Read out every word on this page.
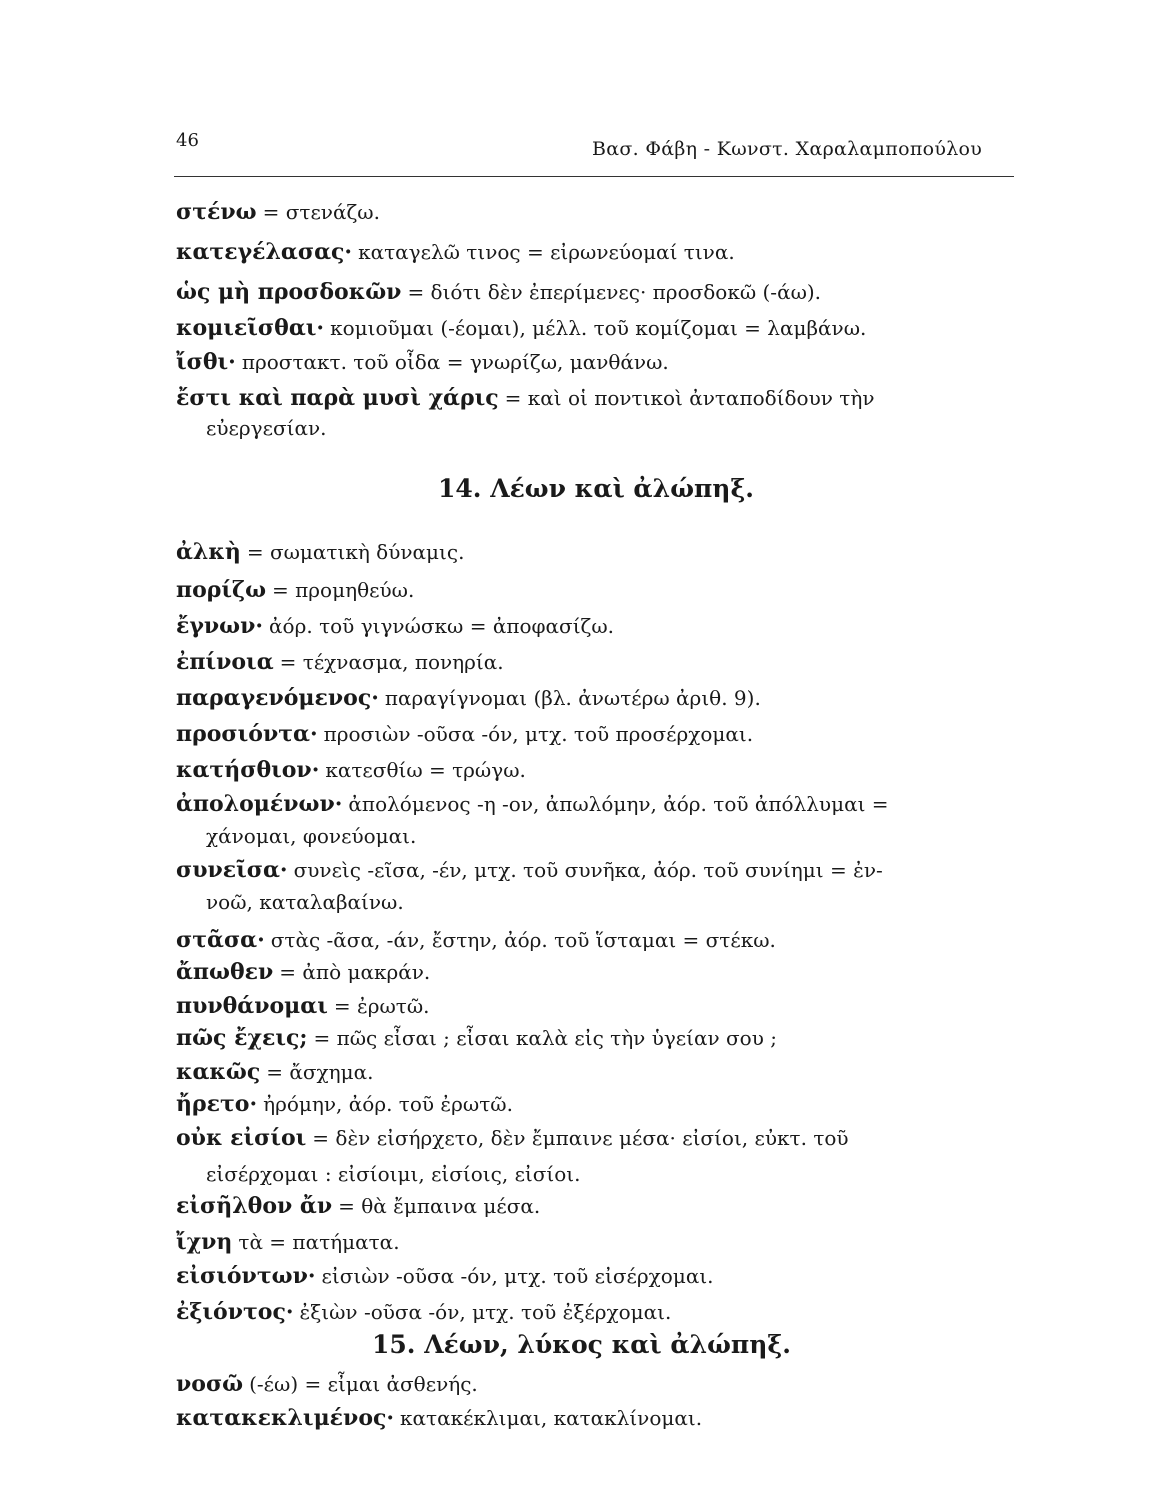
46	Βασ. Φάβη - Κωνστ. Χαραλαμποπούλου
στένω = στενάζω.
κατεγέλασας· καταγελῶ τινος = εἰρωνεύομαί τινα.
ὡς μὴ προσδοκῶν = διότι δὲν ἐπερίμενες· προσδοκῶ (-άω).
κομιεῖσθαι· κομιοῦμαι (-έομαι), μέλλ. τοῦ κομίζομαι = λαμβάνω.
ἴσθι· προστακτ. τοῦ οἶδα = γνωρίζω, μανθάνω.
ἔστι καὶ παρὰ μυσὶ χάρις = καὶ οἱ ποντικοὶ ἀνταποδίδουν τὴν
εὐεργεσίαν.
14. Λέων καὶ ἀλώπηξ.
ἀλκὴ = σωματικὴ δύναμις.
πορίζω = προμηθεύω.
ἔγνων· ἀόρ. τοῦ γιγνώσκω = ἀποφασίζω.
ἐπίνοια = τέχνασμα, πονηρία.
παραγενόμενος· παραγίγνομαι (βλ. ἀνωτέρω ἀριθ. 9).
προσιόντα· προσιὼν -οῦσα -όν, μτχ. τοῦ προσέρχομαι.
κατήσθιον· κατεσθίω = τρώγω.
ἀπολομένων· ἀπολόμενος -η -ον, ἀπωλόμην, ἀόρ. τοῦ ἀπόλλυμαι =
χάνομαι, φονεύομαι.
συνεῖσα· συνεὶς -εῖσα, -έν, μτχ. τοῦ συνῆκα, ἀόρ. τοῦ συνίημι = ἐν-
νοῶ, καταλαβαίνω.
στᾶσα· στὰς -ᾶσα, -άν, ἔστην, ἀόρ. τοῦ ἵσταμαι = στέκω.
ἄπωθεν = ἀπὸ μακράν.
πυνθάνομαι = ἐρωτῶ.
πῶς ἔχεις; = πῶς εἶσαι ; εἶσαι καλὰ εἰς τὴν ὑγείαν σου ;
κακῶς = ἄσχημα.
ἤρετο· ἠρόμην, ἀόρ. τοῦ ἐρωτῶ.
οὐκ εἰσίοι = δὲν εἰσήρχετο, δὲν ἔμπαινε μέσα· εἰσίοι, εὐκτ. τοῦ
εἰσέρχομαι : εἰσίοιμι, εἰσίοις, εἰσίοι.
εἰσῆλθον ἄν = θὰ ἔμπαινα μέσα.
ἴχνη τὰ = πατήματα.
εἰσιόντων· εἰσιὼν -οῦσα -όν, μτχ. τοῦ εἰσέρχομαι.
ἐξιόντος· ἐξιὼν -οῦσα -όν, μτχ. τοῦ ἐξέρχομαι.
15. Λέων, λύκος καὶ ἀλώπηξ.
νοσῶ (-έω) = εἶμαι ἀσθενής.
κατακεκλιμένος· κατακέκλιμαι, κατακλίνομαι.
